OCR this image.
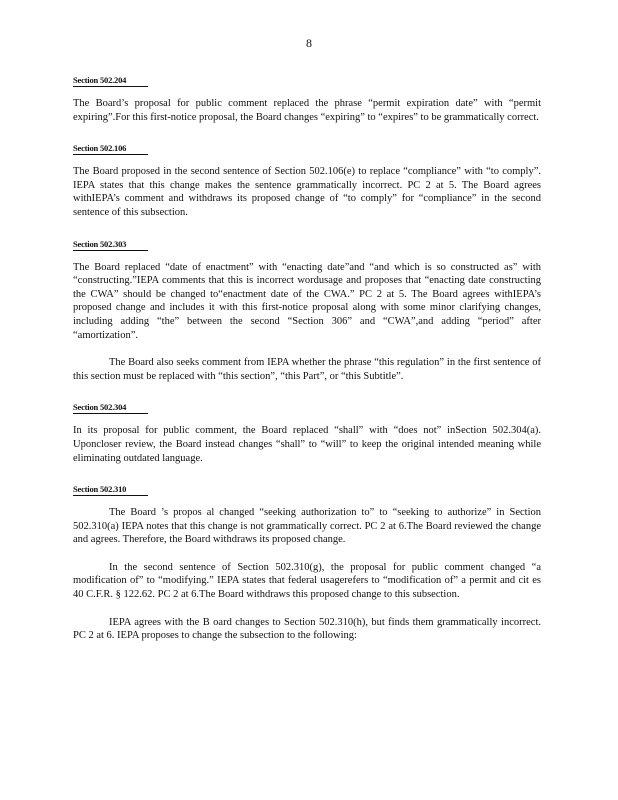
8
Section 502.204

The Board’s proposal for public comment replaced the phrase “permit expiration date” with “permit expiring”.For this first-notice proposal, the Board changes “expiring” to “expires” to be grammatically correct.

Section 502.106

The Board proposed in the second sentence of Section 502.106(e) to replace “compliance” with “to comply”. IEPA states that this change makes the sentence grammatically incorrect. PC 2 at 5. The Board agrees withIEPA’s comment and withdraws its proposed change of “to comply” for “compliance” in the second sentence of this subsection.

Section 502.303

The Board replaced “date of enactment” with “enacting date”and “and which is so constructed as” with “constructing.”IEPA comments that this is incorrect wordusage and proposes that “enacting date constructing the CWA” should be changed to“enactment date of the CWA.” PC 2 at 5. The Board agrees withIEPA’s proposed change and includes it with this first-notice proposal along with some minor clarifying changes, including adding “the” between the second “Section 306” and “CWA”,and adding “period” after “amortization”.

The Board also seeks comment from IEPA whether the phrase “this regulation” in the first sentence of this section must be replaced with “this section”, “this Part”, or “this Subtitle”.

Section 502.304

In its proposal for public comment, the Board replaced “shall” with “does not” inSection 502.304(a). Uponcloser review, the Board instead changes “shall” to “will” to keep the original intended meaning while eliminating outdated language.

Section 502.310

The Board ’s propos al changed “seeking authorization to” to “seeking to authorize” in Section 502.310(a) IEPA notes that this change is not grammatically correct. PC 2 at 6.The Board reviewed the change and agrees. Therefore, the Board withdraws its proposed change.

In the second sentence of Section 502.310(g), the proposal for public comment changed “a modification of” to “modifying.” IEPA states that federal usagerefers to “modification of” a permit and cit es 40 C.F.R. § 122.62. PC 2 at 6.The Board withdraws this proposed change to this subsection.

IEPA agrees with the B oard changes to Section 502.310(h), but finds them grammatically incorrect. PC 2 at 6. IEPA proposes to change the subsection to the following:
